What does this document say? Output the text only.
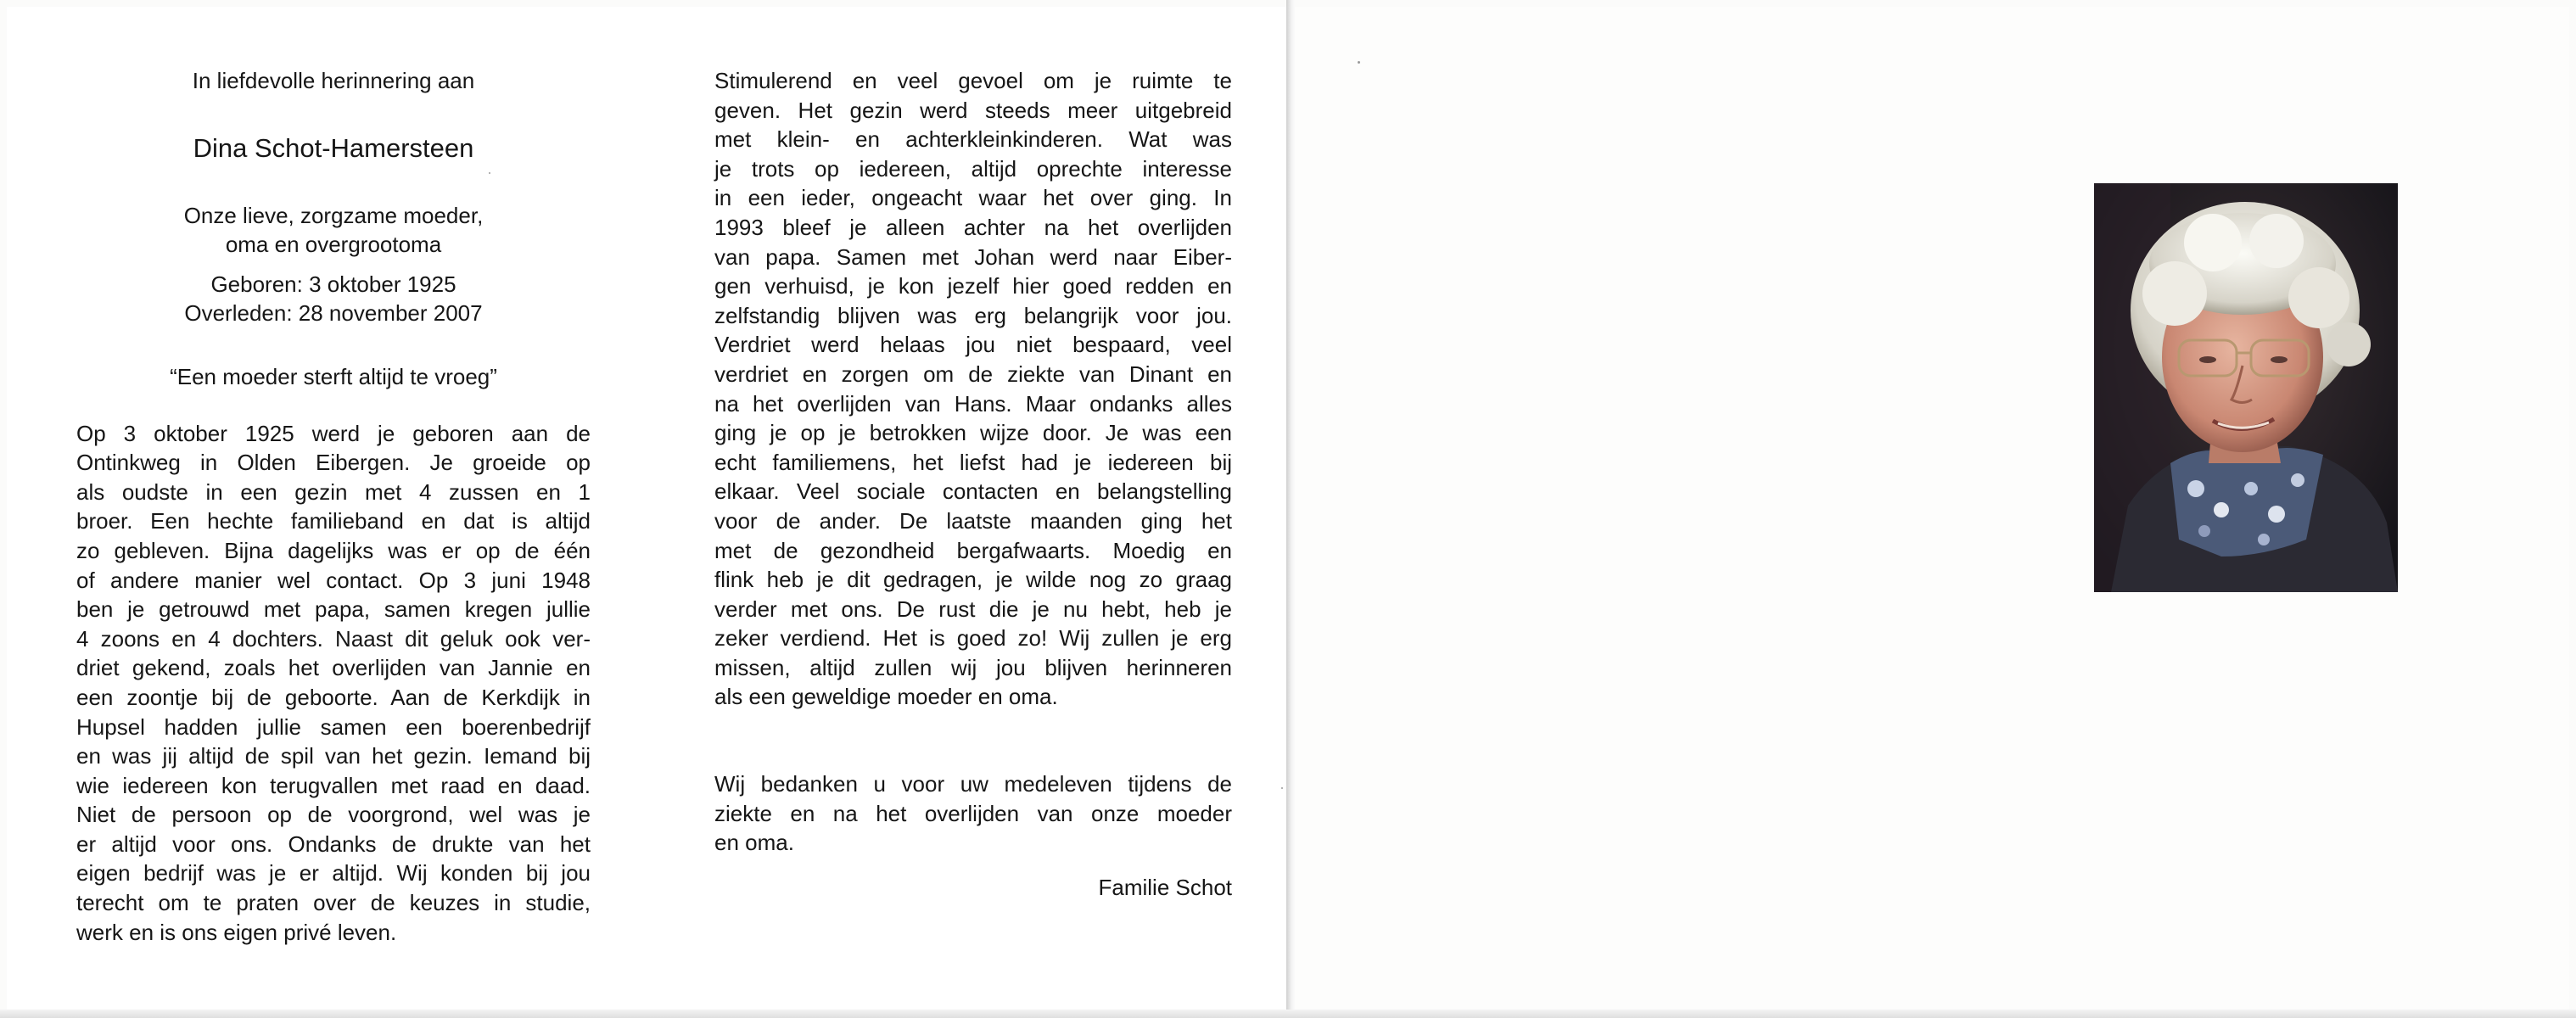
In liefdevolle herinnering aan

Dina Schot-Hamersteen

Onze lieve, zorgzame moeder,
oma en overgrootoma
Geboren: 3 oktober 1925
Overleden: 28 november 2007

“Een moeder sterft altijd te vroeg”

Op 3 oktober 1925 werd je geboren aan de
Ontinkweg in Olden Eibergen. Je groeide op
als oudste in een gezin met 4 zussen en 1
broer. Een hechte familieband en dat is altijd
zo gebleven. Bijna dagelijks was er op de één
of andere manier wel contact. Op 3 juni 1948
ben je getrouwd met papa, samen kregen jullie
4 zoons en 4 dochters. Naast dit geluk ook ver-
driet gekend, zoals het overlijden van Jannie en
een zoontje bij de geboorte. Aan de Kerkdijk in
Hupsel hadden jullie samen een boerenbedrijf
en was jij altijd de spil van het gezin. Iemand bij
wie iedereen kon terugvallen met raad en daad.
Niet de persoon op de voorgrond, wel was je
er altijd voor ons. Ondanks de drukte van het
eigen bedrijf was je er altijd. Wij konden bij jou
terecht om te praten over de keuzes in studie,
werk en is ons eigen privé leven.
Stimulerend en veel gevoel om je ruimte te
geven. Het gezin werd steeds meer uitgebreid
met klein- en achterkleinkinderen. Wat was
je trots op iedereen, altijd oprechte interesse
in een ieder, ongeacht waar het over ging. In
1993 bleef je alleen achter na het overlijden
van papa. Samen met Johan werd naar Eiber-
gen verhuisd, je kon jezelf hier goed redden en
zelfstandig blijven was erg belangrijk voor jou.
Verdriet werd helaas jou niet bespaard, veel
verdriet en zorgen om de ziekte van Dinant en
na het overlijden van Hans. Maar ondanks alles
ging je op je betrokken wijze door. Je was een
echt familiemens, het liefst had je iedereen bij
elkaar. Veel sociale contacten en belangstelling
voor de ander. De laatste maanden ging het
met de gezondheid bergafwaarts. Moedig en
flink heb je dit gedragen, je wilde nog zo graag
verder met ons. De rust die je nu hebt, heb je
zeker verdiend. Het is goed zo! Wij zullen je erg
missen, altijd zullen wij jou blijven herinneren
als een geweldige moeder en oma.
Wij bedanken u voor uw medeleven tijdens de
ziekte en na het overlijden van onze moeder
en oma.

Familie Schot
